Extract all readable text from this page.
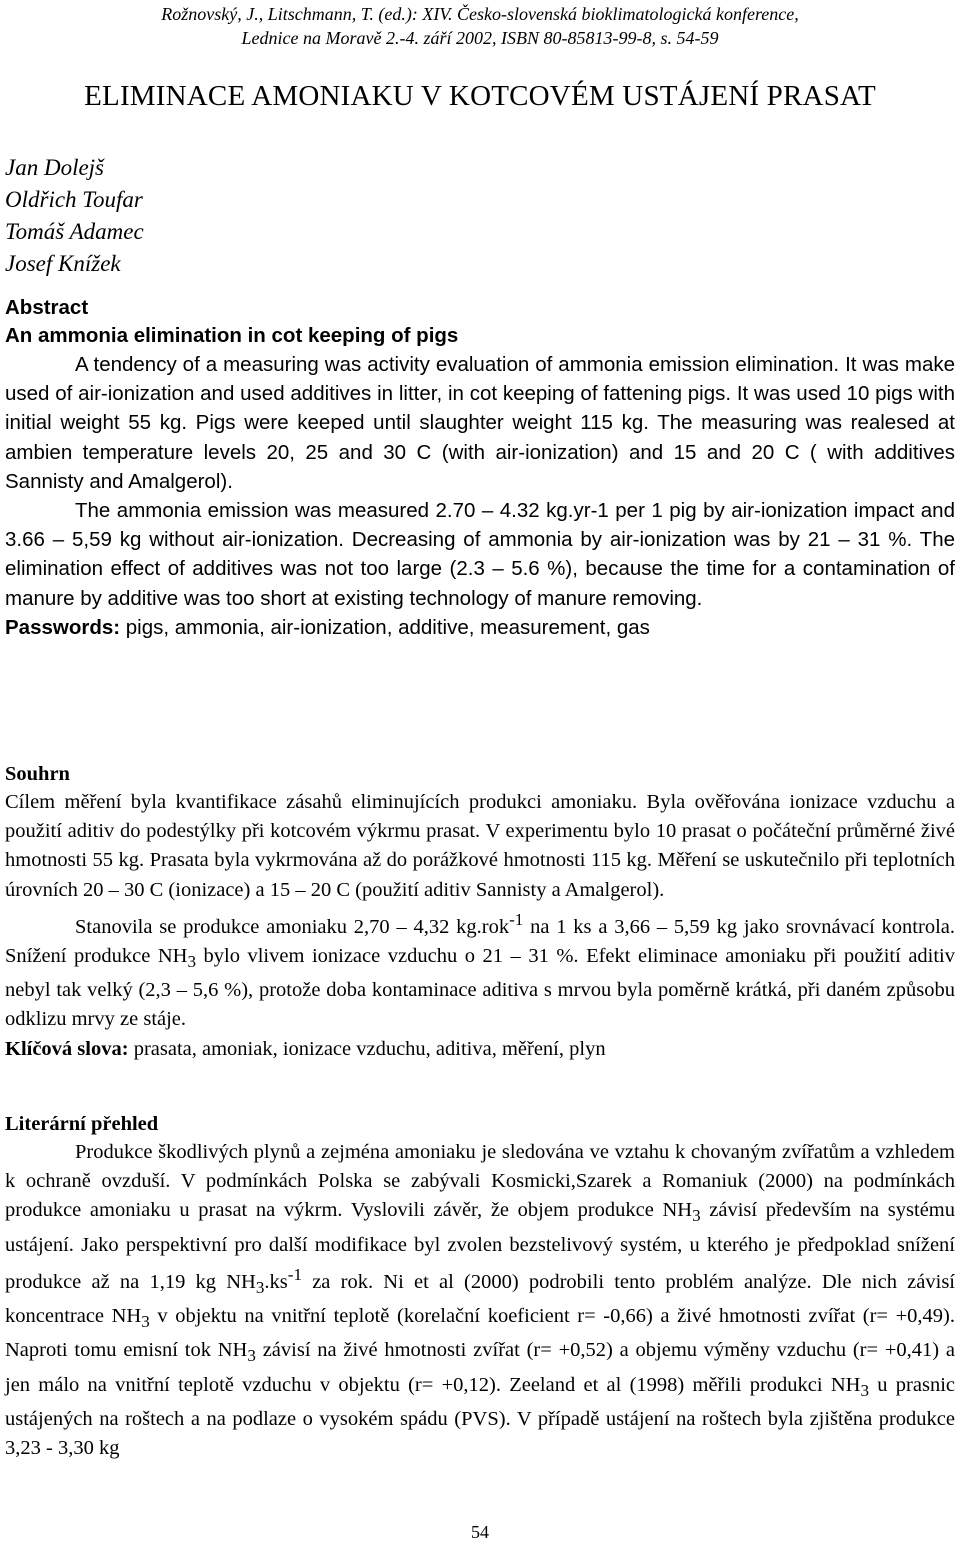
Rožnovský, J., Litschmann, T. (ed.): XIV. Česko-slovenská bioklimatologická konference,
Lednice na Moravě 2.-4. září 2002, ISBN 80-85813-99-8, s. 54-59
ELIMINACE AMONIAKU V KOTCOVÉM USTÁJENÍ PRASAT
Jan Dolejš
Oldřich Toufar
Tomáš Adamec
Josef Knížek
Abstract
An ammonia elimination in cot keeping of pigs

A tendency of a measuring was activity evaluation of ammonia emission elimination. It was make used of air-ionization and used additives in litter, in cot keeping of fattening pigs. It was used 10 pigs with initial weight 55 kg. Pigs were keeped until slaughter weight 115 kg. The measuring was realesed at ambien temperature levels 20, 25 and 30 C (with air-ionization) and 15 and 20 C ( with additives Sannisty and Amalgerol).

The ammonia emission was measured 2.70 – 4.32 kg.yr-1 per 1 pig by air-ionization impact and 3.66 – 5,59 kg without air-ionization. Decreasing of ammonia by air-ionization was by 21 – 31 %. The elimination effect of additives was not too large (2.3 – 5.6 %), because the time for a contamination of manure by additive was too short at existing technology of manure removing.

Passwords: pigs, ammonia, air-ionization, additive, measurement, gas

Souhrn

Cílem měření byla kvantifikace zásahů eliminujících produkci amoniaku. Byla ověřována ionizace vzduchu a použití aditiv do podestýlky při kotcovém výkrmu prasat. V experimentu bylo 10 prasat o počáteční průměrné živé hmotnosti 55 kg. Prasata byla vykrmována až do porážkové hmotnosti 115 kg. Měření se uskutečnilo při teplotních úrovních 20 – 30 C (ionizace) a 15 – 20 C (použití aditiv Sannisty a Amalgerol).

Stanovila se produkce amoniaku 2,70 – 4,32 kg.rok$^{-1}$ na 1 ks a 3,66 – 5,59 kg jako srovnávací kontrola. Snížení produkce $NH_3$ bylo vlivem ionizace vzduchu o 21 – 31 %. Efekt eliminace amoniaku při použití aditiv nebyl tak velký (2,3 – 5,6 %), protože doba kontaminace aditiva s mrvou byla poměrně krátká, při daném způsobu odklizu mrvy ze stáje.

Klíčová slova: prasata, amoniak, ionizace vzduchu, aditiva, měření, plyn

Literární přehled

Produkce škodlivých plynů a zejména amoniaku je sledována ve vztahu k chovaným zvířatům a vzhledem k ochraně ovzduší. V podmínkách Polska se zabývali Kosmicki,Szarek a Romaniuk (2000) na podmínkách produkce amoniaku u prasat na výkrm. Vyslovili závěr, že objem produkce $NH_3$ závisí především na systému ustájení. Jako perspektivní pro další modifikace byl zvolen bezstelivový systém, u kterého je předpoklad snížení produkce až na 1,19 kg $NH_3.ks^{-1}$ za rok. Ni et al (2000) podrobili tento problém analýze. Dle nich závisí koncentrace $NH_3$ v objektu na vnitřní teplotě (korelační koeficient r= -0,66) a živé hmotnosti zvířat (r= +0,49). Naproti tomu emisní tok $NH_3$ závisí na živé hmotnosti zvířat (r= +0,52) a objemu výměny vzduchu (r= +0,41) a jen málo na vnitřní teplotě vzduchu v objektu (r= +0,12). Zeeland et al (1998) měřili produkci $NH_3$ u prasnic ustájených na roštech a na podlaze o vysokém spádu (PVS). V případě ustájení na roštech byla zjištěna produkce 3,23 - 3,30 kg

54
